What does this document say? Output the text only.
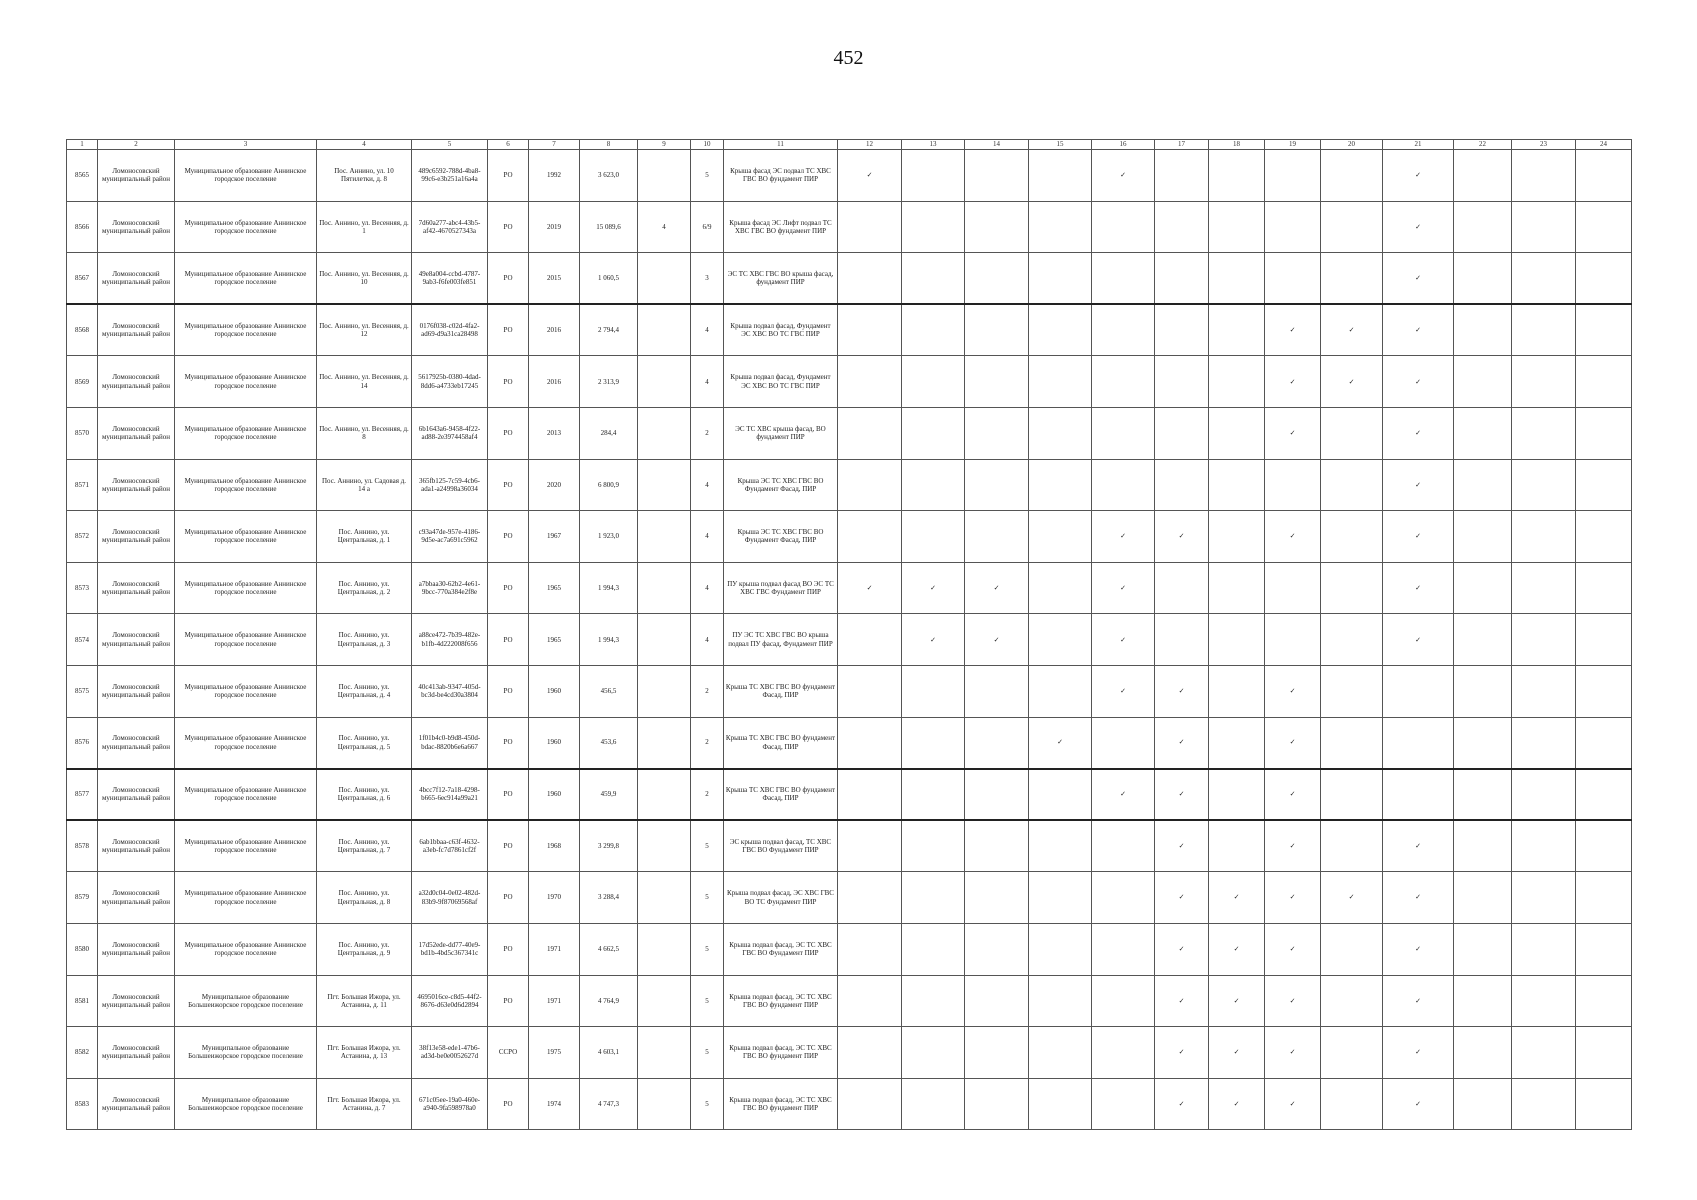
452
1	2	3	4	5	6	7	8	9	10	11	12	13	14	15	16	17	18	19	20	21	22	23	24
8565	Ломоносовский муниципальный район	Муниципальное образование Аннинское городское поселение	Пос. Аннино, ул. 10 Пятилетки, д. 8	489c6592-788d-4ba8-99c6-e3b251a16a4a	РО	1992	3 623,0		5	Крыша фасад ЭС подвал ТС ХВС ГВС ВО фундамент ПИР	✓				✓					✓			
8566	Ломоносовский муниципальный район	Муниципальное образование Аннинское городское поселение	Пос. Аннино, ул. Весенняя, д. 1	7d60a277-abc4-43b5-af42-4670527343a	РО	2019	15 089,6	4	6/9	Крыша фасад ЭС Лифт подвал ТС ХВС ГВС ВО фундамент ПИР										✓			
8567	Ломоносовский муниципальный район	Муниципальное образование Аннинское городское поселение	Пос. Аннино, ул. Весенняя, д. 10	49e8a004-ccbd-4787-9ab3-f6fe003fe851	РО	2015	1 060,5		3	ЭС ТС ХВС ГВС ВО крыша фасад, фундамент ПИР										✓			
8568	Ломоносовский муниципальный район	Муниципальное образование Аннинское городское поселение	Пос. Аннино, ул. Весенняя, д. 12	0176f038-c02d-4fa2-ad69-d9a31ca28498	РО	2016	2 794,4		4	Крыша подвал фасад, Фундамент ЭС ХВС ВО ТС ГВС ПИР								✓	✓	✓			
8569	Ломоносовский муниципальный район	Муниципальное образование Аннинское городское поселение	Пос. Аннино, ул. Весенняя, д. 14	5617925b-0380-4dad-8dd6-a4733eb17245	РО	2016	2 313,9		4	Крыша подвал фасад, Фундамент ЭС ХВС ВО ТС ГВС ПИР								✓	✓	✓			
8570	Ломоносовский муниципальный район	Муниципальное образование Аннинское городское поселение	Пос. Аннино, ул. Весенняя, д. 8	6b1643a6-9458-4f22-ad88-2e3974458af4	РО	2013	284,4		2	ЭС ТС ХВС крыша фасад, ВО фундамент ПИР								✓		✓			
8571	Ломоносовский муниципальный район	Муниципальное образование Аннинское городское поселение	Пос. Аннино, ул. Садовая д. 14 а	365fb125-7c59-4cb6-ada1-a24998a36034	РО	2020	6 800,9		4	Крыша ЭС ТС ХВС ГВС ВО Фундамент Фасад, ПИР										✓			
8572	Ломоносовский муниципальный район	Муниципальное образование Аннинское городское поселение	Пос. Аннино, ул. Центральная, д. 1	c93a47de-957e-4186-9d5e-ac7a691c5962	РО	1967	1 923,0		4	Крыша ЭС ТС ХВС ГВС ВО Фундамент Фасад, ПИР					✓	✓		✓		✓			
8573	Ломоносовский муниципальный район	Муниципальное образование Аннинское городское поселение	Пос. Аннино, ул. Центральная, д. 2	a7bbaa30-62b2-4e61-9bcc-770a384e2f8e	РО	1965	1 994,3		4	ПУ крыша подвал фасад ВО ЭС ТС ХВС ГВС Фундамент ПИР	✓	✓	✓		✓					✓			
8574	Ломоносовский муниципальный район	Муниципальное образование Аннинское городское поселение	Пос. Аннино, ул. Центральная, д. 3	a88ce472-7b39-482e-b1fb-4d222008f656	РО	1965	1 994,3		4	ПУ ЭС ТС ХВС ГВС ВО крыша подвал ПУ фасад, Фундамент ПИР		✓	✓		✓					✓			
8575	Ломоносовский муниципальный район	Муниципальное образование Аннинское городское поселение	Пос. Аннино, ул. Центральная, д. 4	40c413ab-9347-405d-bc3d-be4cd30a3804	РО	1960	456,5		2	Крыша ТС ХВС ГВС ВО фундамент Фасад, ПИР					✓	✓		✓					
8576	Ломоносовский муниципальный район	Муниципальное образование Аннинское городское поселение	Пос. Аннино, ул. Центральная, д. 5	1f01b4c0-b9d8-450d-bdac-8820b6e6a667	РО	1960	453,6		2	Крыша ТС ХВС ГВС ВО фундамент Фасад, ПИР				✓		✓		✓					
8577	Ломоносовский муниципальный район	Муниципальное образование Аннинское городское поселение	Пос. Аннино, ул. Центральная, д. 6	4bcc7f12-7a18-4298-b665-6ec914a99a21	РО	1960	459,9		2	Крыша ТС ХВС ГВС ВО фундамент Фасад, ПИР					✓	✓		✓					
8578	Ломоносовский муниципальный район	Муниципальное образование Аннинское городское поселение	Пос. Аннино, ул. Центральная, д. 7	6ab1bbaa-c63f-4632-a3eb-fc7d7861cf2f	РО	1968	3 299,8		5	ЭС крыша подвал фасад, ТС ХВС ГВС ВО Фундамент ПИР						✓		✓		✓			
8579	Ломоносовский муниципальный район	Муниципальное образование Аннинское городское поселение	Пос. Аннино, ул. Центральная, д. 8	a32d0c04-0e02-482d-83b9-9f87069568af	РО	1970	3 288,4		5	Крыша подвал фасад, ЭС ХВС ГВС ВО ТС Фундамент ПИР						✓	✓	✓	✓	✓			
8580	Ломоносовский муниципальный район	Муниципальное образование Аннинское городское поселение	Пос. Аннино, ул. Центральная, д. 9	17d52ede-dd77-40e9-bd1b-4bd5c367341c	РО	1971	4 662,5		5	Крыша подвал фасад, ЭС ТС ХВС ГВС ВО Фундамент ПИР						✓	✓	✓		✓			
8581	Ломоносовский муниципальный район	Муниципальное образование Большеижорское городское поселение	Пгт. Большая Ижора, ул. Астанина, д. 11	4695016ce-c8d5-44f2-8676-d63e0d6d2894	РО	1971	4 764,9		5	Крыша подвал фасад, ЭС ТС ХВС ГВС ВО фундамент ПИР						✓	✓	✓		✓			
8582	Ломоносовский муниципальный район	Муниципальное образование Большеижорское городское поселение	Пгт. Большая Ижора, ул. Астанина, д. 13	38f13e58-ede1-47b6-ad3d-be0e0052627d	ССРО	1975	4 603,1		5	Крыша подвал фасад, ЭС ТС ХВС ГВС ВО фундамент ПИР						✓	✓	✓		✓			
8583	Ломоносовский муниципальный район	Муниципальное образование Большеижорское городское поселение	Пгт. Большая Ижора, ул. Астанина, д. 7	671c05ee-19a0-460e-a940-9fa598978a0	РО	1974	4 747,3		5	Крыша подвал фасад, ЭС ТС ХВС ГВС ВО фундамент ПИР						✓	✓	✓		✓			
